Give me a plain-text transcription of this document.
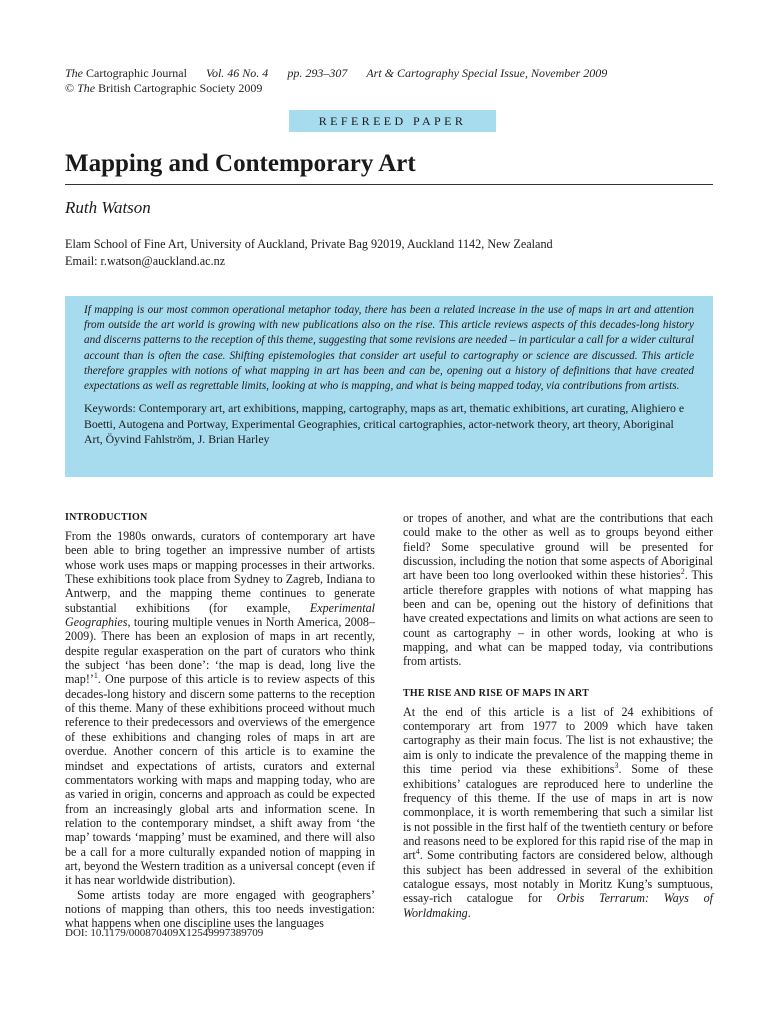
The Cartographic Journal Vol. 46 No. 4 pp. 293–307 Art & Cartography Special Issue, November 2009
© The British Cartographic Society 2009
REFEREED PAPER
Mapping and Contemporary Art
Ruth Watson
Elam School of Fine Art, University of Auckland, Private Bag 92019, Auckland 1142, New Zealand
Email: r.watson@auckland.ac.nz

If mapping is our most common operational metaphor today, there has been a related increase in the use of maps in art and attention from outside the art world is growing with new publications also on the rise. This article reviews aspects of this decades-long history and discerns patterns to the reception of this theme, suggesting that some revisions are needed – in particular a call for a wider cultural account than is often the case. Shifting epistemologies that consider art useful to cartography or science are discussed. This article therefore grapples with notions of what mapping in art has been and can be, opening out a history of definitions that have created expectations as well as regrettable limits, looking at who is mapping, and what is being mapped today, via contributions from artists.

Keywords: Contemporary art, art exhibitions, mapping, cartography, maps as art, thematic exhibitions, art curating, Alighiero e Boetti, Autogena and Portway, Experimental Geographies, critical cartographies, actor-network theory, art theory, Aboriginal Art, Öyvind Fahlström, J. Brian Harley

INTRODUCTION

From the 1980s onwards, curators of contemporary art have been able to bring together an impressive number of artists whose work uses maps or mapping processes in their artworks. These exhibitions took place from Sydney to Zagreb, Indiana to Antwerp, and the mapping theme continues to generate substantial exhibitions (for example, Experimental Geographies, touring multiple venues in North America, 2008–2009). There has been an explosion of maps in art recently, despite regular exasperation on the part of curators who think the subject ‘has been done’: ‘the map is dead, long live the map!’$^1$. One purpose of this article is to review aspects of this decades-long history and discern some patterns to the reception of this theme. Many of these exhibitions proceed without much reference to their predecessors and overviews of the emergence of these exhibitions and changing roles of maps in art are overdue. Another concern of this article is to examine the mindset and expectations of artists, curators and external commentators working with maps and mapping today, who are as varied in origin, concerns and approach as could be expected from an increasingly global arts and information scene. In relation to the contemporary mindset, a shift away from ‘the map’ towards ‘mapping’ must be examined, and there will also be a call for a more culturally expanded notion of mapping in art, beyond the Western tradition as a universal concept (even if it has near worldwide distribution).

Some artists today are more engaged with geographers’ notions of mapping than others, this too needs investigation: what happens when one discipline uses the languages

or tropes of another, and what are the contributions that each could make to the other as well as to groups beyond either field? Some speculative ground will be presented for discussion, including the notion that some aspects of Aboriginal art have been too long overlooked within these histories$^2$. This article therefore grapples with notions of what mapping has been and can be, opening out the history of definitions that have created expectations and limits on what actions are seen to count as cartography – in other words, looking at who is mapping, and what can be mapped today, via contributions from artists.

THE RISE AND RISE OF MAPS IN ART

At the end of this article is a list of 24 exhibitions of contemporary art from 1977 to 2009 which have taken cartography as their main focus. The list is not exhaustive; the aim is only to indicate the prevalence of the mapping theme in this time period via these exhibitions$^3$. Some of these exhibitions’ catalogues are reproduced here to underline the frequency of this theme. If the use of maps in art is now commonplace, it is worth remembering that such a similar list is not possible in the first half of the twentieth century or before and reasons need to be explored for this rapid rise of the map in art$^4$. Some contributing factors are considered below, although this subject has been addressed in several of the exhibition catalogue essays, most notably in Moritz Kung’s sumptuous, essay-rich catalogue for Orbis Terrarum: Ways of Worldmaking.

DOI: 10.1179/000870409X12549997389709
